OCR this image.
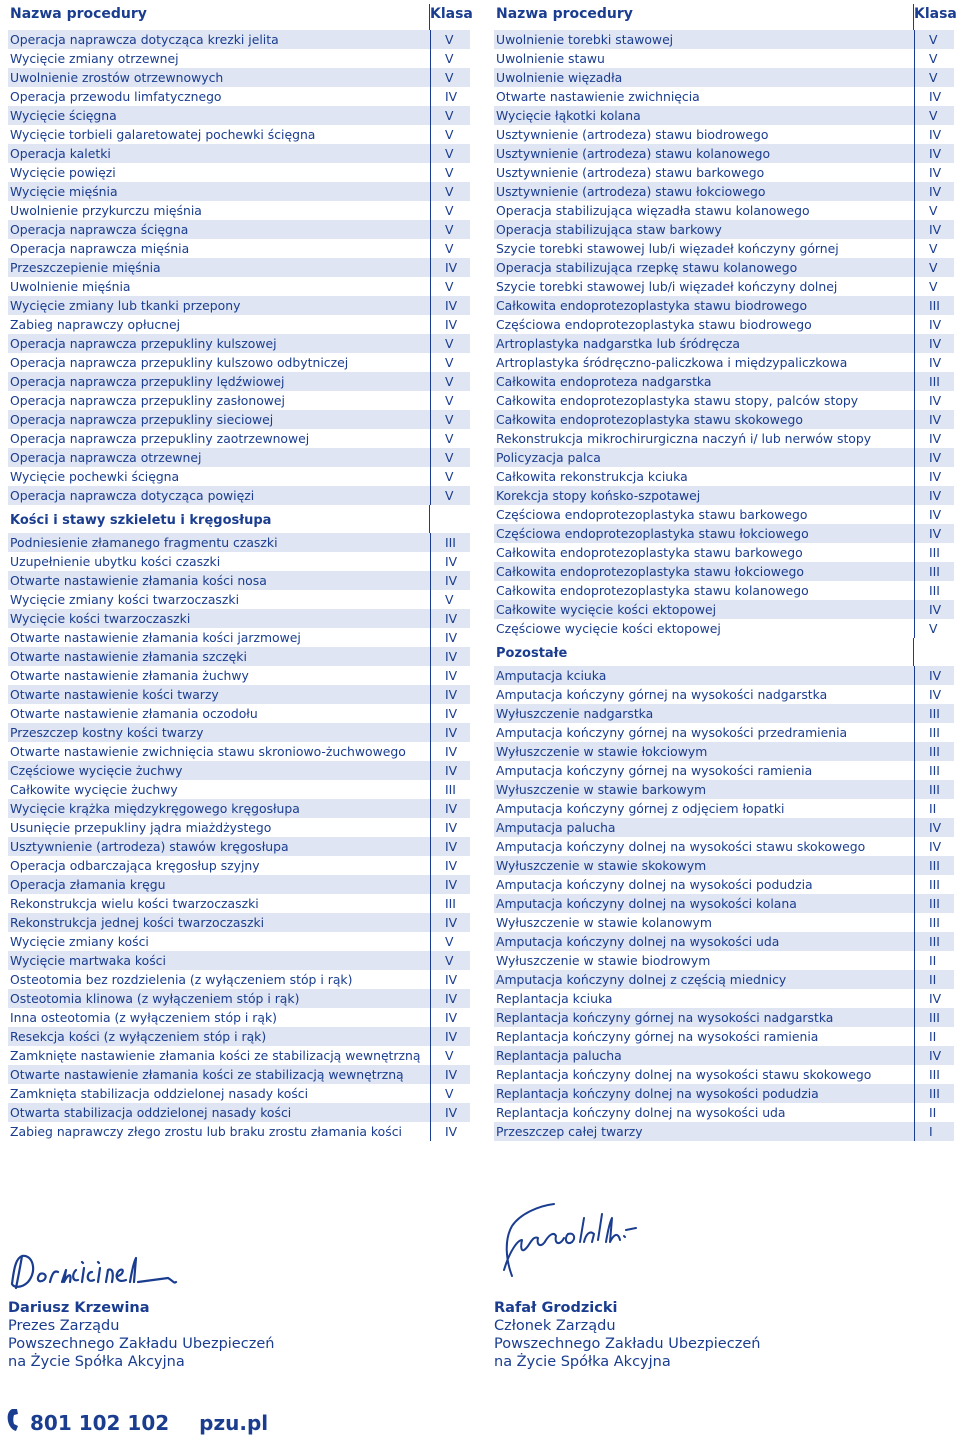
Nazwa procedury	Klasa
Operacja naprawcza dotycząca krezki jelita	V
Wycięcie zmiany otrzewnej	V
Uwolnienie zrostów otrzewnowych	V
Operacja przewodu limfatycznego	IV
Wycięcie ścięgna	V
Wycięcie torbieli galaretowatej pochewki ścięgna	V
Operacja kaletki	V
Wycięcie powięzi	V
Wycięcie mięśnia	V
Uwolnienie przykurczu mięśnia	V
Operacja naprawcza ścięgna	V
Operacja naprawcza mięśnia	V
Przeszczepienie mięśnia	IV
Uwolnienie mięśnia	V
Wycięcie zmiany lub tkanki przepony	IV
Zabieg naprawczy opłucnej	IV
Operacja naprawcza przepukliny kulszowej	V
Operacja naprawcza przepukliny kulszowo odbytniczej	V
Operacja naprawcza przepukliny lędźwiowej	V
Operacja naprawcza przepukliny zasłonowej	V
Operacja naprawcza przepukliny sieciowej	V
Operacja naprawcza przepukliny zaotrzewnowej	V
Operacja naprawcza otrzewnej	V
Wycięcie pochewki ścięgna	V
Operacja naprawcza dotycząca powięzi	V
Kości i stawy szkieletu i kręgosłupa
Podniesienie złamanego fragmentu czaszki	III
Uzupełnienie ubytku kości czaszki	IV
Otwarte nastawienie złamania kości nosa	IV
Wycięcie zmiany kości twarzoczaszki	V
Wycięcie kości twarzoczaszki	IV
Otwarte nastawienie złamania kości jarzmowej	IV
Otwarte nastawienie złamania szczęki	IV
Otwarte nastawienie złamania żuchwy	IV
Otwarte nastawienie kości twarzy	IV
Otwarte nastawienie złamania oczodołu	IV
Przeszczep kostny kości twarzy	IV
Otwarte nastawienie zwichnięcia stawu skroniowo-żuchwowego	IV
Częściowe wycięcie żuchwy	IV
Całkowite wycięcie żuchwy	III
Wycięcie krążka międzykręgowego kręgosłupa	IV
Usunięcie przepukliny jądra miażdżystego	IV
Usztywnienie (artrodeza) stawów kręgosłupa	IV
Operacja odbarczająca kręgosłup szyjny	IV
Operacja złamania kręgu	IV
Rekonstrukcja wielu kości twarzoczaszki	III
Rekonstrukcja jednej kości twarzoczaszki	IV
Wycięcie zmiany kości	V
Wycięcie martwaka kości	V
Osteotomia bez rozdzielenia (z wyłączeniem stóp i rąk)	IV
Osteotomia klinowa (z wyłączeniem stóp i rąk)	IV
Inna osteotomia (z wyłączeniem stóp i rąk)	IV
Resekcja kości (z wyłączeniem stóp i rąk)	IV
Zamknięte nastawienie złamania kości ze stabilizacją wewnętrzną	V
Otwarte nastawienie złamania kości ze stabilizacją wewnętrzną	IV
Zamknięta stabilizacja oddzielonej nasady kości	V
Otwarta stabilizacja oddzielonej nasady kości	IV
Zabieg naprawczy złego zrostu lub braku zrostu złamania kości	IV
Nazwa procedury	Klasa
Uwolnienie torebki stawowej	V
Uwolnienie stawu	V
Uwolnienie więzadła	V
Otwarte nastawienie zwichnięcia	IV
Wycięcie łąkotki kolana	V
Usztywnienie (artrodeza) stawu biodrowego	IV
Usztywnienie (artrodeza) stawu kolanowego	IV
Usztywnienie (artrodeza) stawu barkowego	IV
Usztywnienie (artrodeza) stawu łokciowego	IV
Operacja stabilizująca więzadła stawu kolanowego	V
Operacja stabilizująca staw barkowy	IV
Szycie torebki stawowej lub/i więzadeł kończyny górnej	V
Operacja stabilizująca rzepkę stawu kolanowego	V
Szycie torebki stawowej lub/i więzadeł kończyny dolnej	V
Całkowita endoprotezoplastyka stawu biodrowego	III
Częściowa endoprotezoplastyka stawu biodrowego	IV
Artroplastyka nadgarstka lub śródręcza	IV
Artroplastyka śródręczno-paliczkowa i międzypaliczkowa	IV
Całkowita endoproteza nadgarstka	III
Całkowita endoprotezoplastyka stawu stopy, palców stopy	IV
Całkowita endoprotezoplastyka stawu skokowego	IV
Rekonstrukcja mikrochirurgiczna naczyń i/ lub nerwów stopy	IV
Policyzacja palca	IV
Całkowita rekonstrukcja kciuka	IV
Korekcja stopy końsko-szpotawej	IV
Częściowa endoprotezoplastyka stawu barkowego	IV
Częściowa endoprotezoplastyka stawu łokciowego	IV
Całkowita endoprotezoplastyka stawu barkowego	III
Całkowita endoprotezoplastyka stawu łokciowego	III
Całkowita endoprotezoplastyka stawu kolanowego	III
Całkowite wycięcie kości ektopowej	IV
Częściowe wycięcie kości ektopowej	V
Pozostałe
Amputacja kciuka	IV
Amputacja kończyny górnej na wysokości nadgarstka	IV
Wyłuszczenie nadgarstka	III
Amputacja kończyny górnej na wysokości przedramienia	III
Wyłuszczenie w stawie łokciowym	III
Amputacja kończyny górnej na wysokości ramienia	III
Wyłuszczenie w stawie barkowym	III
Amputacja kończyny górnej z odjęciem łopatki	II
Amputacja palucha	IV
Amputacja kończyny dolnej na wysokości stawu skokowego	IV
Wyłuszczenie w stawie skokowym	III
Amputacja kończyny dolnej na wysokości podudzia	III
Amputacja kończyny dolnej na wysokości kolana	III
Wyłuszczenie w stawie kolanowym	III
Amputacja kończyny dolnej na wysokości uda	III
Wyłuszczenie w stawie biodrowym	II
Amputacja kończyny dolnej z częścią miednicy	II
Replantacja kciuka	IV
Replantacja kończyny górnej na wysokości nadgarstka	III
Replantacja kończyny górnej na wysokości ramienia	II
Replantacja palucha	IV
Replantacja kończyny dolnej na wysokości stawu skokowego	III
Replantacja kończyny dolnej na wysokości podudzia	III
Replantacja kończyny dolnej na wysokości uda	II
Przeszczep całej twarzy	I
Dariusz Krzewina
Prezes Zarządu
Powszechnego Zakładu Ubezpieczeń
na Życie Spółka Akcyjna
Rafał Grodzicki
Członek Zarządu
Powszechnego Zakładu Ubezpieczeń
na Życie Spółka Akcyjna
801 102 102 pzu.pl
